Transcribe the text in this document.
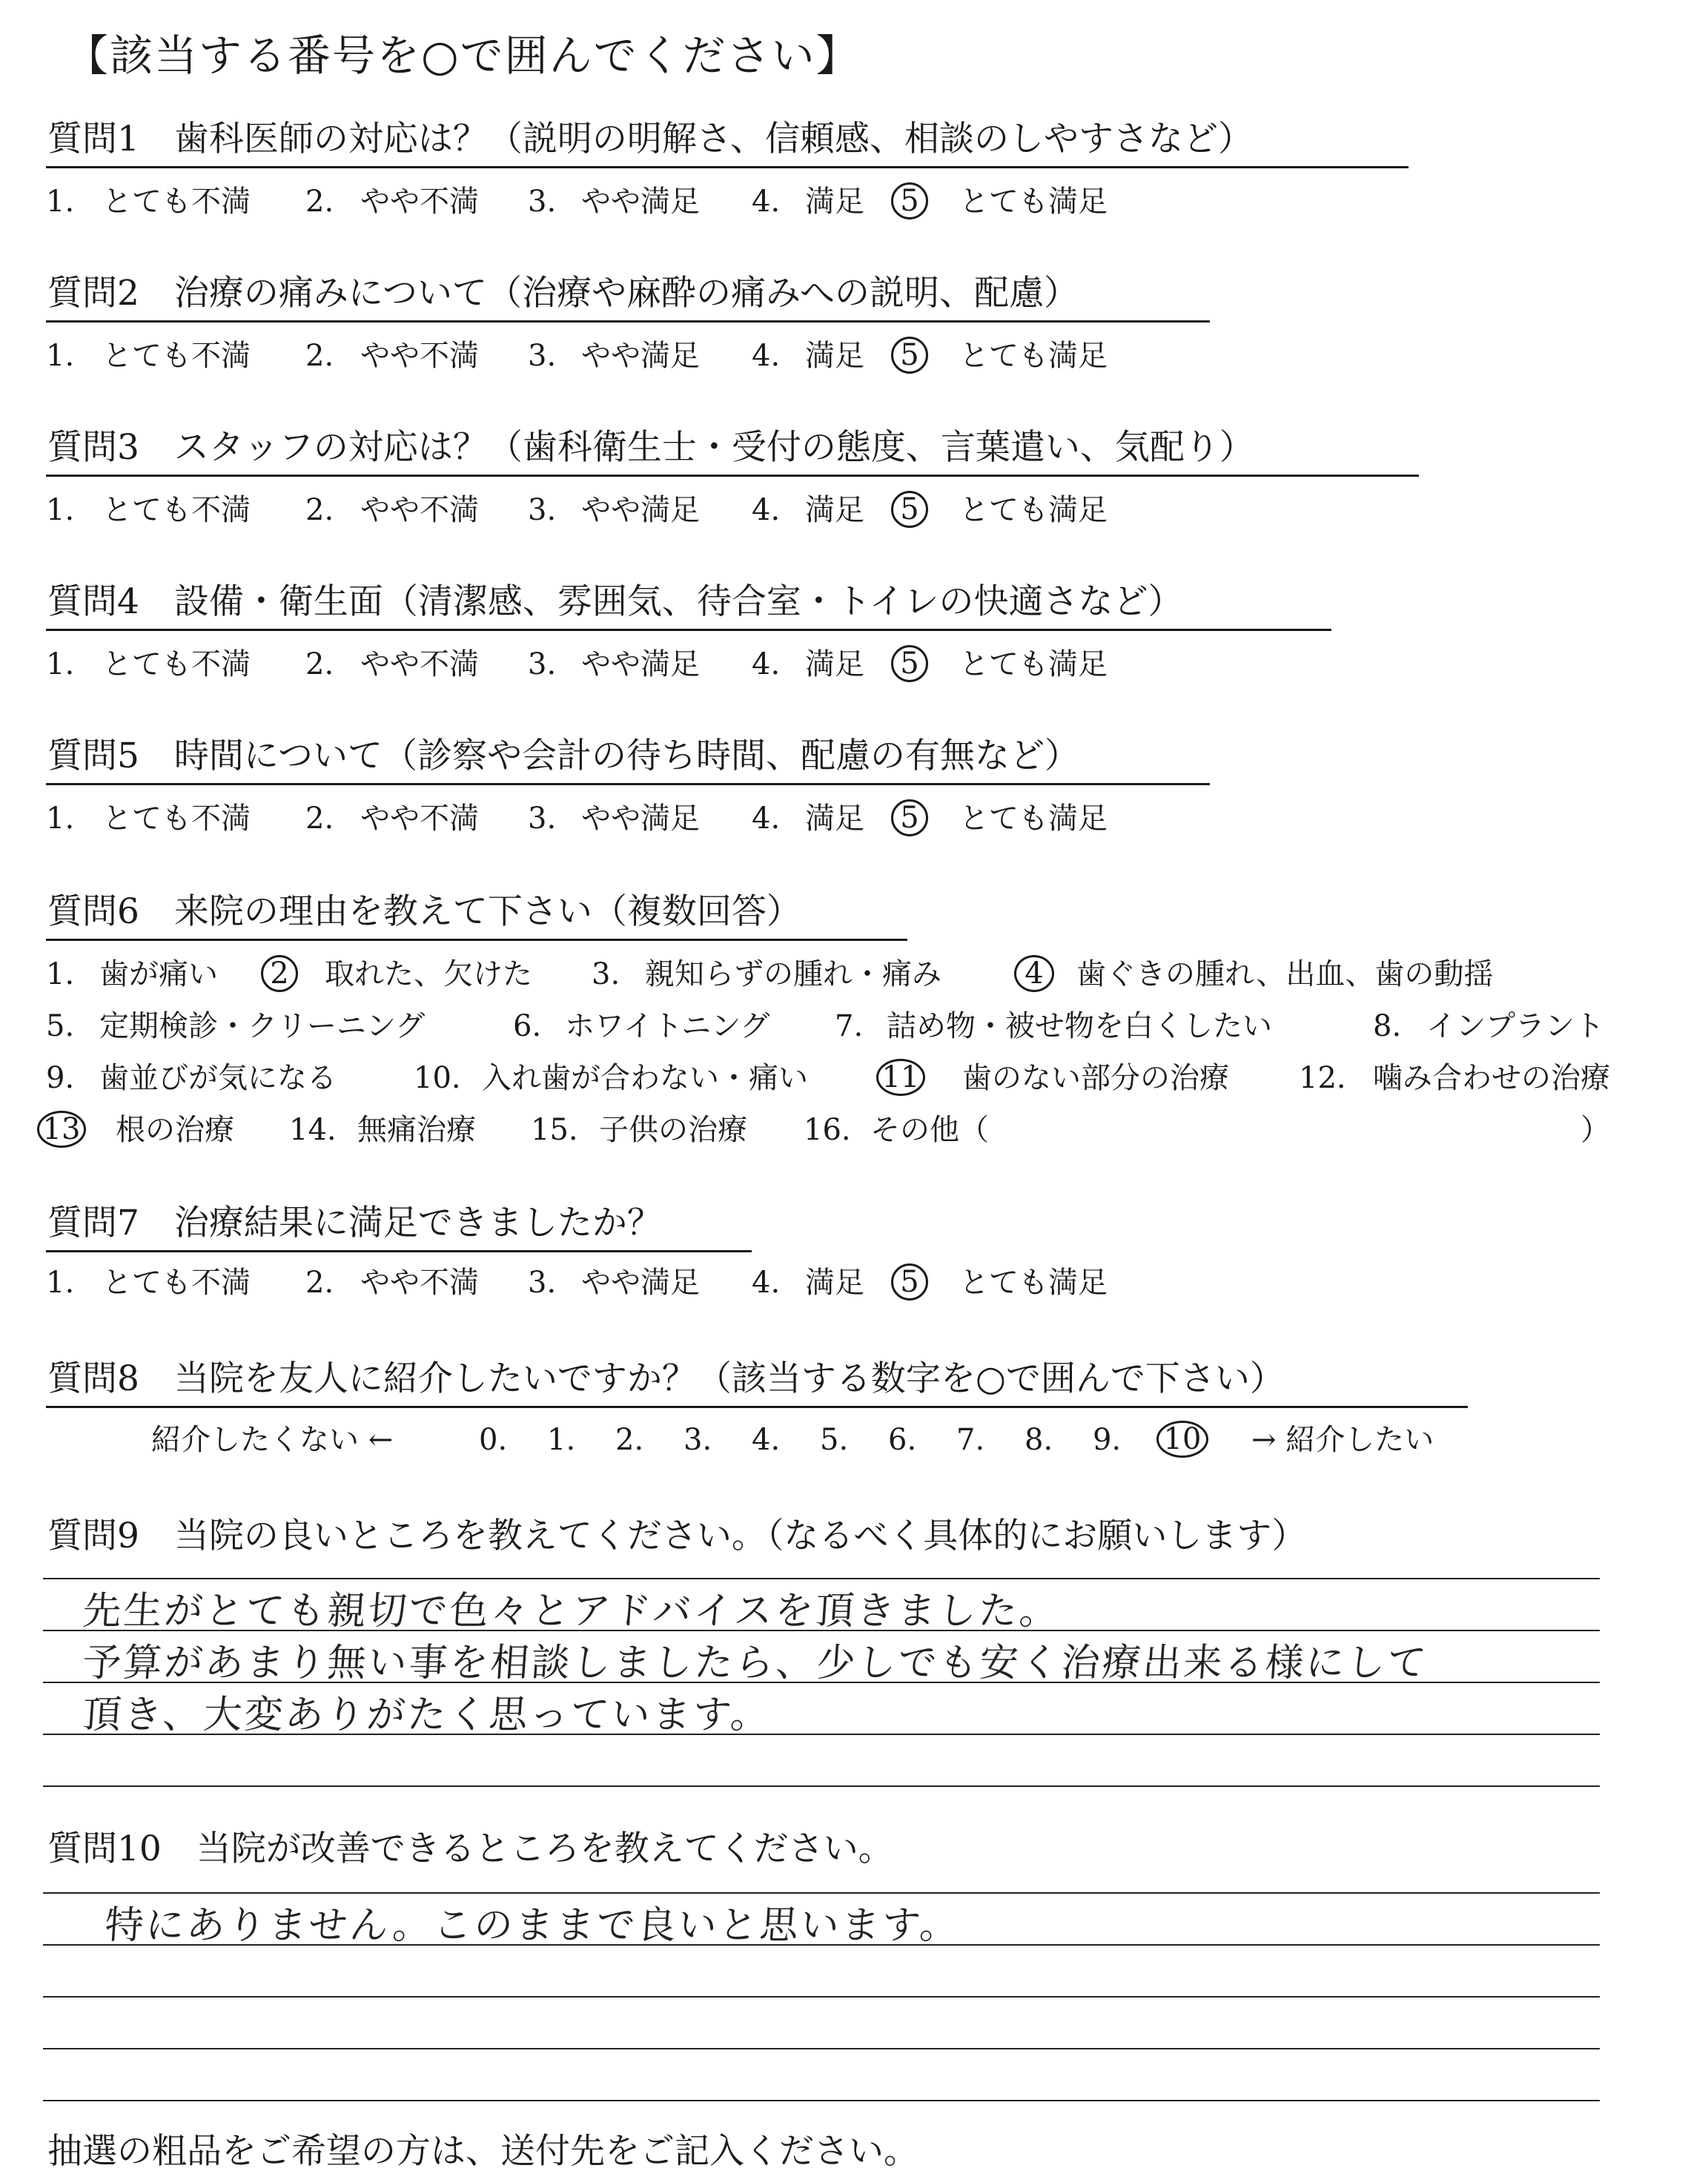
【該当する番号を○で囲んでください】
質問1　歯科医師の対応は？（説明の明解さ、信頼感、相談のしやすさなど）
1. とても不満 2. やや不満 3. やや満足 4. 満足	5	とても満足
質問2　治療の痛みについて（治療や麻酔の痛みへの説明、配慮）
1. とても不満 2. やや不満 3. やや満足 4. 満足	5	とても満足
質問3　スタッフの対応は？（歯科衛生士・受付の態度、言葉遣い、気配り）
1. とても不満 2. やや不満 3. やや満足 4. 満足	5	とても満足
質問4　設備・衛生面（清潔感、雰囲気、待合室・トイレの快適さなど）
1. とても不満 2. やや不満 3. やや満足 4. 満足	5	とても満足
質問5　時間について（診察や会計の待ち時間、配慮の有無など）
1. とても不満 2. やや不満 3. やや満足 4. 満足	5	とても満足
質問6　来院の理由を教えて下さい（複数回答）
1. 歯が痛い	2	取れた、欠けた 3. 親知らずの腫れ・痛み	4	歯ぐきの腫れ、出血、歯の動揺
5. 定期検診・クリーニング	6. ホワイトニング 7. 詰め物・被せ物を白くしたい	8. インプラント
9. 歯並びが気になる	10. 入れ歯が合わない・痛い 11 歯のない部分の治療 12. 噛み合わせの治療
13 根の治療 14. 無痛治療 15. 子供の治療 16. その他（	）
質問7　治療結果に満足できましたか？
1. とても不満 2. やや不満 3. やや満足 4. 満足	5	とても満足
質問8　当院を友人に紹介したいですか？（該当する数字を○で囲んで下さい）
紹介したくない ←	0. 1. 2. 3. 4. 5. 6. 7. 8. 9. 10 → 紹介したい
質問9　当院の良いところを教えてください。（なるべく具体的にお願いします）
先生がとても親切で色々とアドバイスを頂きました。
予算があまり無い事を相談しましたら、少しでも安く治療出来る様にして
頂き、大変ありがたく思っています。
質問10　当院が改善できるところを教えてください。
特にありません。このままで良いと思います。
抽選の粗品をご希望の方は、送付先をご記入ください。
